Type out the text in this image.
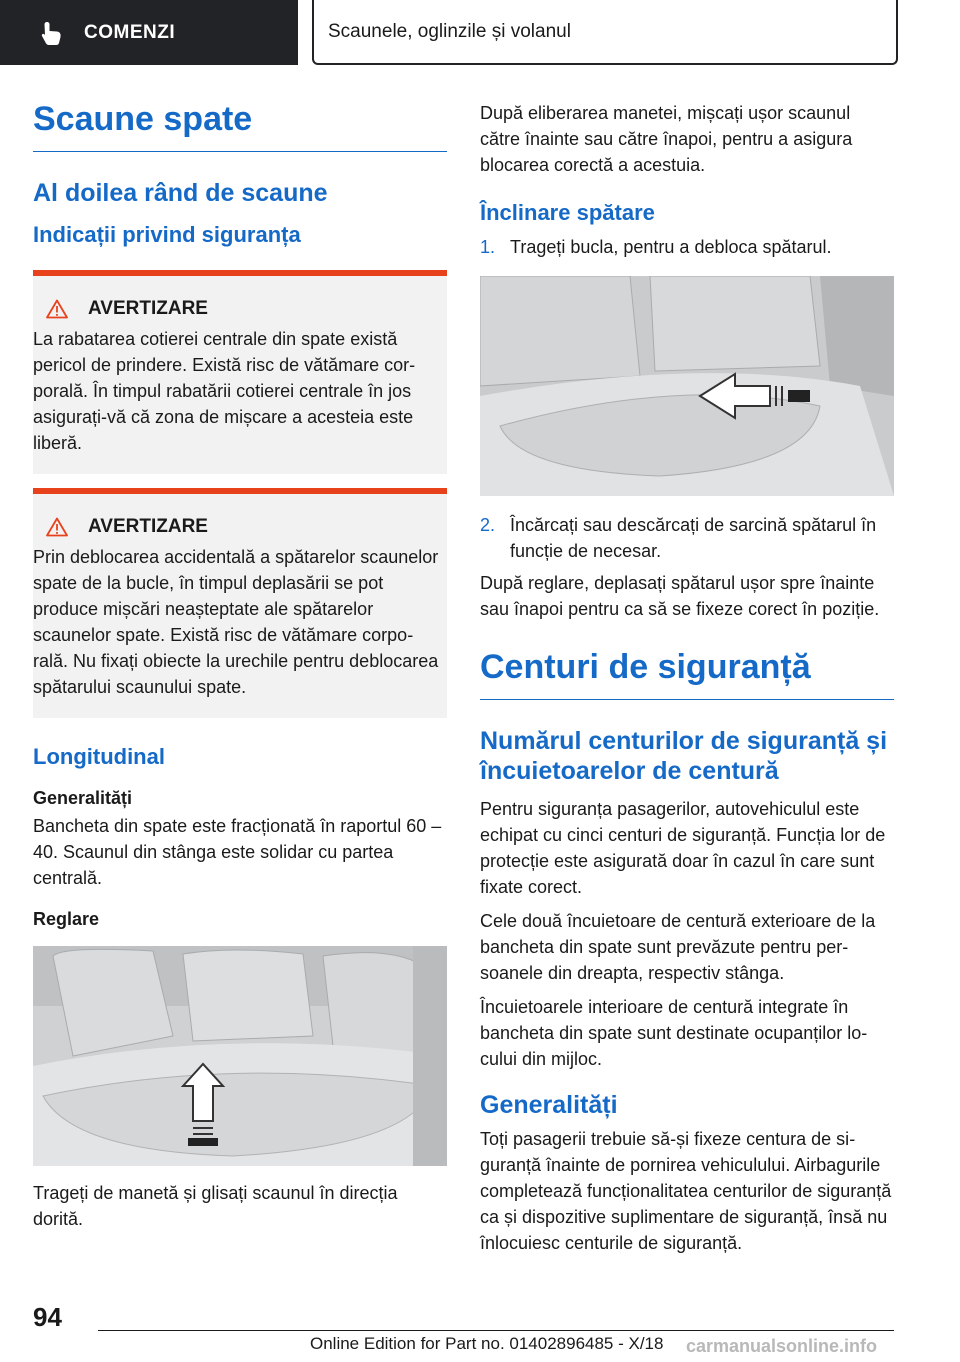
COMENZI	Scaunele, oglinzile și volanul
Scaune spate
Al doilea rând de scaune
Indicații privind siguranța
AVERTIZARE

La rabatarea cotierei centrale din spate există pericol de prindere. Există risc de vătămare corporală. În timpul rabatării cotierei centrale în jos asigurați-vă că zona de mișcare a acesteia este liberă.

AVERTIZARE

Prin deblocarea accidentală a spătarelor scaunelor spate de la bucle, în timpul deplasării se pot produce mișcări neașteptate ale spătarelor scaunelor spate. Există risc de vătămare corporală. Nu fixați obiecte la urechile pentru deblocarea spătarului scaunului spate.

Longitudinal
Generalități

Bancheta din spate este fracționată în raportul 60 – 40. Scaunul din stânga este solidar cu partea centrală.

Reglare

Trageți de manetă și glisați scaunul în direcția dorită.

După eliberarea manetei, mișcați ușor scaunul către înainte sau către înapoi, pentru a asigura blocarea corectă a acestuia.

Înclinare spătare
1. Trageți bucla, pentru a debloca spătarul.
2. Încărcați sau descărcați de sarcină spătarul în funcție de necesar.

După reglare, deplasați spătarul ușor spre înainte sau înapoi pentru ca să se fixeze corect în poziție.

Centuri de siguranță
Numărul centurilor de siguranță și încuietoarelor de centură

Pentru siguranța pasagerilor, autovehiculul este echipat cu cinci centuri de siguranță. Funcția lor de protecție este asigurată doar în cazul în care sunt fixate corect.

Cele două încuietoare de centură exterioare de la bancheta din spate sunt prevăzute pentru persoanele din dreapta, respectiv stânga.

Încuietoarele interioare de centură integrate în bancheta din spate sunt destinate ocupanților locului din mijloc.

Generalități

Toți pasagerii trebuie să-și fixeze centura de siguranță înainte de pornirea vehiculului. Airbagurile completează funcționalitatea centurilor de siguranță ca și dispozitive suplimentare de siguranță, însă nu înlocuiesc centurile de siguranță.

94
Online Edition for Part no. 01402896485 - X/18 carmanualsonline.info
